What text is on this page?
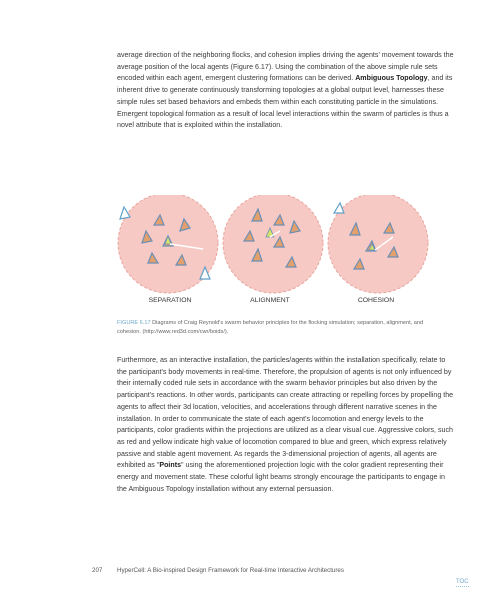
average direction of the neighboring flocks, and cohesion implies driving the agents' movement towards the average position of the local agents (Figure 6.17). Using the combination of the above simple rule sets encoded within each agent, emergent clustering formations can be derived. Ambiguous Topology, and its inherent drive to generate continuously transforming topologies at a global output level, harnesses these simple rules set based behaviors and embeds them within each constituting particle in the simulations. Emergent topological formation as a result of local level interactions within the swarm of particles is thus a novel attribute that is exploited within the installation.

SEPARATION	ALIGNMENT	COHESION

FIGURE 6.17 Diagrams of Craig Reynold's swarm behavior principles for the flocking simulation; separation, alignment, and cohesion. (http://www.red3d.com/cwr/boids/).

Furthermore, as an interactive installation, the particles/agents within the installation specifically, relate to the participant's body movements in real-time. Therefore, the propulsion of agents is not only influenced by their internally coded rule sets in accordance with the swarm behavior principles but also driven by the participant's reactions. In other words, participants can create attracting or repelling forces by propelling the agents to affect their 3d location, velocities, and accelerations through different narrative scenes in the installation. In order to communicate the state of each agent's locomotion and energy levels to the participants, color gradients within the projections are utilized as a clear visual cue. Aggressive colors, such as red and yellow indicate high value of locomotion compared to blue and green, which express relatively passive and stable agent movement. As regards the 3-dimensional projection of agents, all agents are exhibited as "Points" using the aforementioned projection logic with the color gradient representing their energy and movement state. These colorful light beams strongly encourage the participants to engage in the Ambiguous Topology installation without any external persuasion.

207 HyperCell: A Bio-inspired Design Framework for Real-time Interactive Architectures
TOC
